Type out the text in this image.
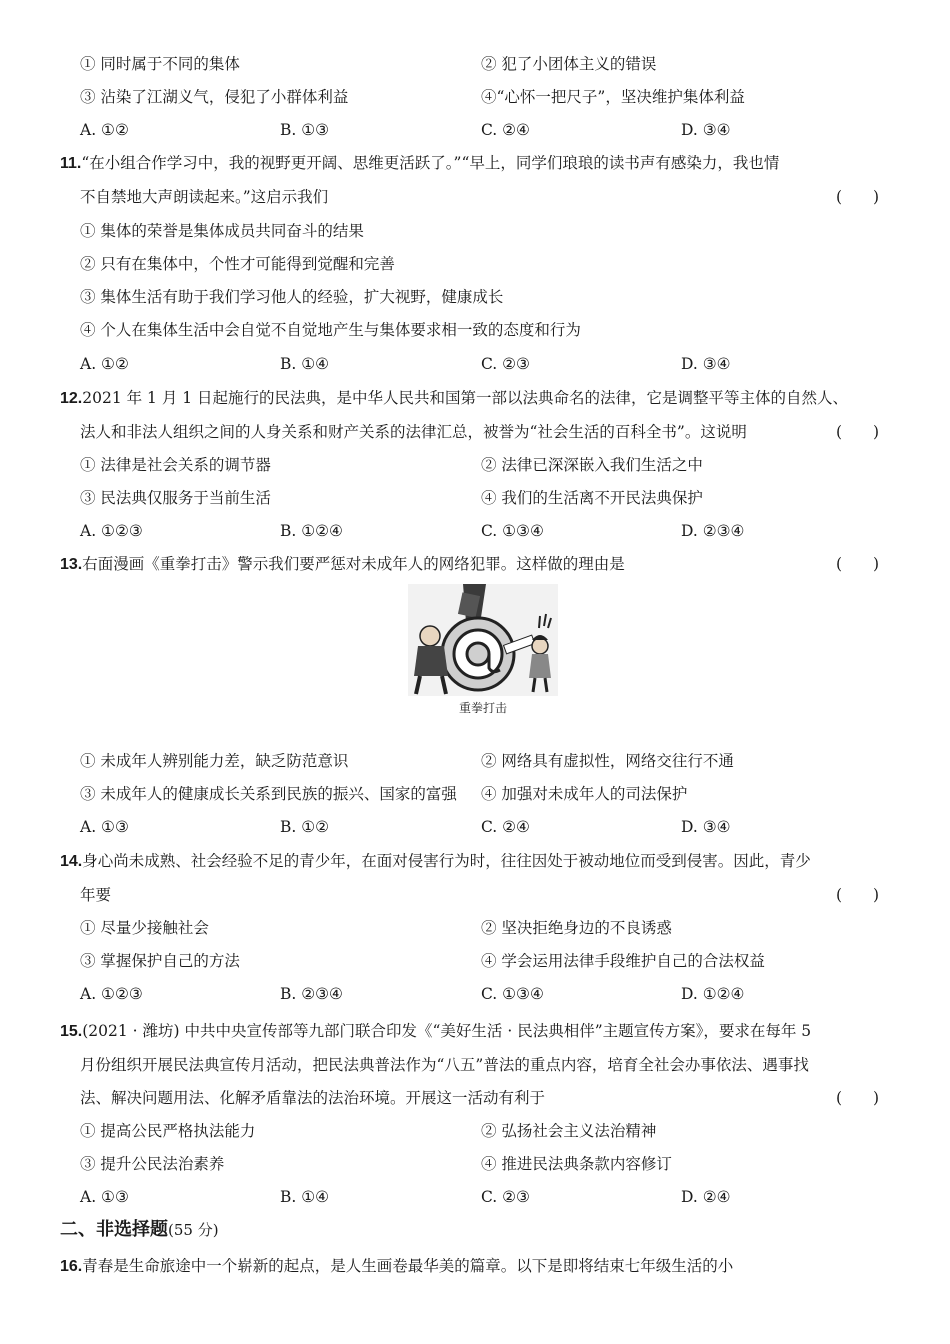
① 同时属于不同的集体	② 犯了小团体主义的错误
③ 沾染了江湖义气，侵犯了小群体利益	④“心怀一把尺子”，坚决维护集体利益
A. ①②	B. ①③	C. ②④	D. ③④
11.“在小组合作学习中，我的视野更开阔、思维更活跃了。”“早上，同学们琅琅的读书声有感染力，我也情
不自禁地大声朗读起来。”这启示我们	(　　)
① 集体的荣誉是集体成员共同奋斗的结果
② 只有在集体中，个性才可能得到觉醒和完善
③ 集体生活有助于我们学习他人的经验，扩大视野，健康成长
④ 个人在集体生活中会自觉不自觉地产生与集体要求相一致的态度和行为
A. ①②	B. ①④	C. ②③	D. ③④
12.2021 年 1 月 1 日起施行的民法典，是中华人民共和国第一部以法典命名的法律，它是调整平等主体的自然人、
法人和非法人组织之间的人身关系和财产关系的法律汇总，被誉为“社会生活的百科全书”。这说明	(　　)
① 法律是社会关系的调节器	② 法律已深深嵌入我们生活之中
③ 民法典仅服务于当前生活	④ 我们的生活离不开民法典保护
A. ①②③	B. ①②④	C. ①③④	D. ②③④
13.右面漫画《重拳打击》警示我们要严惩对未成年人的网络犯罪。这样做的理由是	(　　)
重拳打击
① 未成年人辨别能力差，缺乏防范意识	② 网络具有虚拟性，网络交往行不通
③ 未成年人的健康成长关系到民族的振兴、国家的富强 ④ 加强对未成年人的司法保护
A. ①③	B. ①②	C. ②④	D. ③④
14.身心尚未成熟、社会经验不足的青少年，在面对侵害行为时，往往因处于被动地位而受到侵害。因此，青少
年要	(　　)
① 尽量少接触社会	② 坚决拒绝身边的不良诱惑
③ 掌握保护自己的方法	④ 学会运用法律手段维护自己的合法权益
A. ①②③	B. ②③④	C. ①③④	D. ①②④
15.(2021 · 潍坊) 中共中央宣传部等九部门联合印发《“美好生活 · 民法典相伴”主题宣传方案》，要求在每年 5
月份组织开展民法典宣传月活动，把民法典普法作为“八五”普法的重点内容，培育全社会办事依法、遇事找
法、解决问题用法、化解矛盾靠法的法治环境。开展这一活动有利于	(　　)
① 提高公民严格执法能力	② 弘扬社会主义法治精神
③ 提升公民法治素养	④ 推进民法典条款内容修订
A. ①③	B. ①④	C. ②③	D. ②④
二、非选择题(55 分)
16.青春是生命旅途中一个崭新的起点，是人生画卷最华美的篇章。以下是即将结束七年级生活的小
